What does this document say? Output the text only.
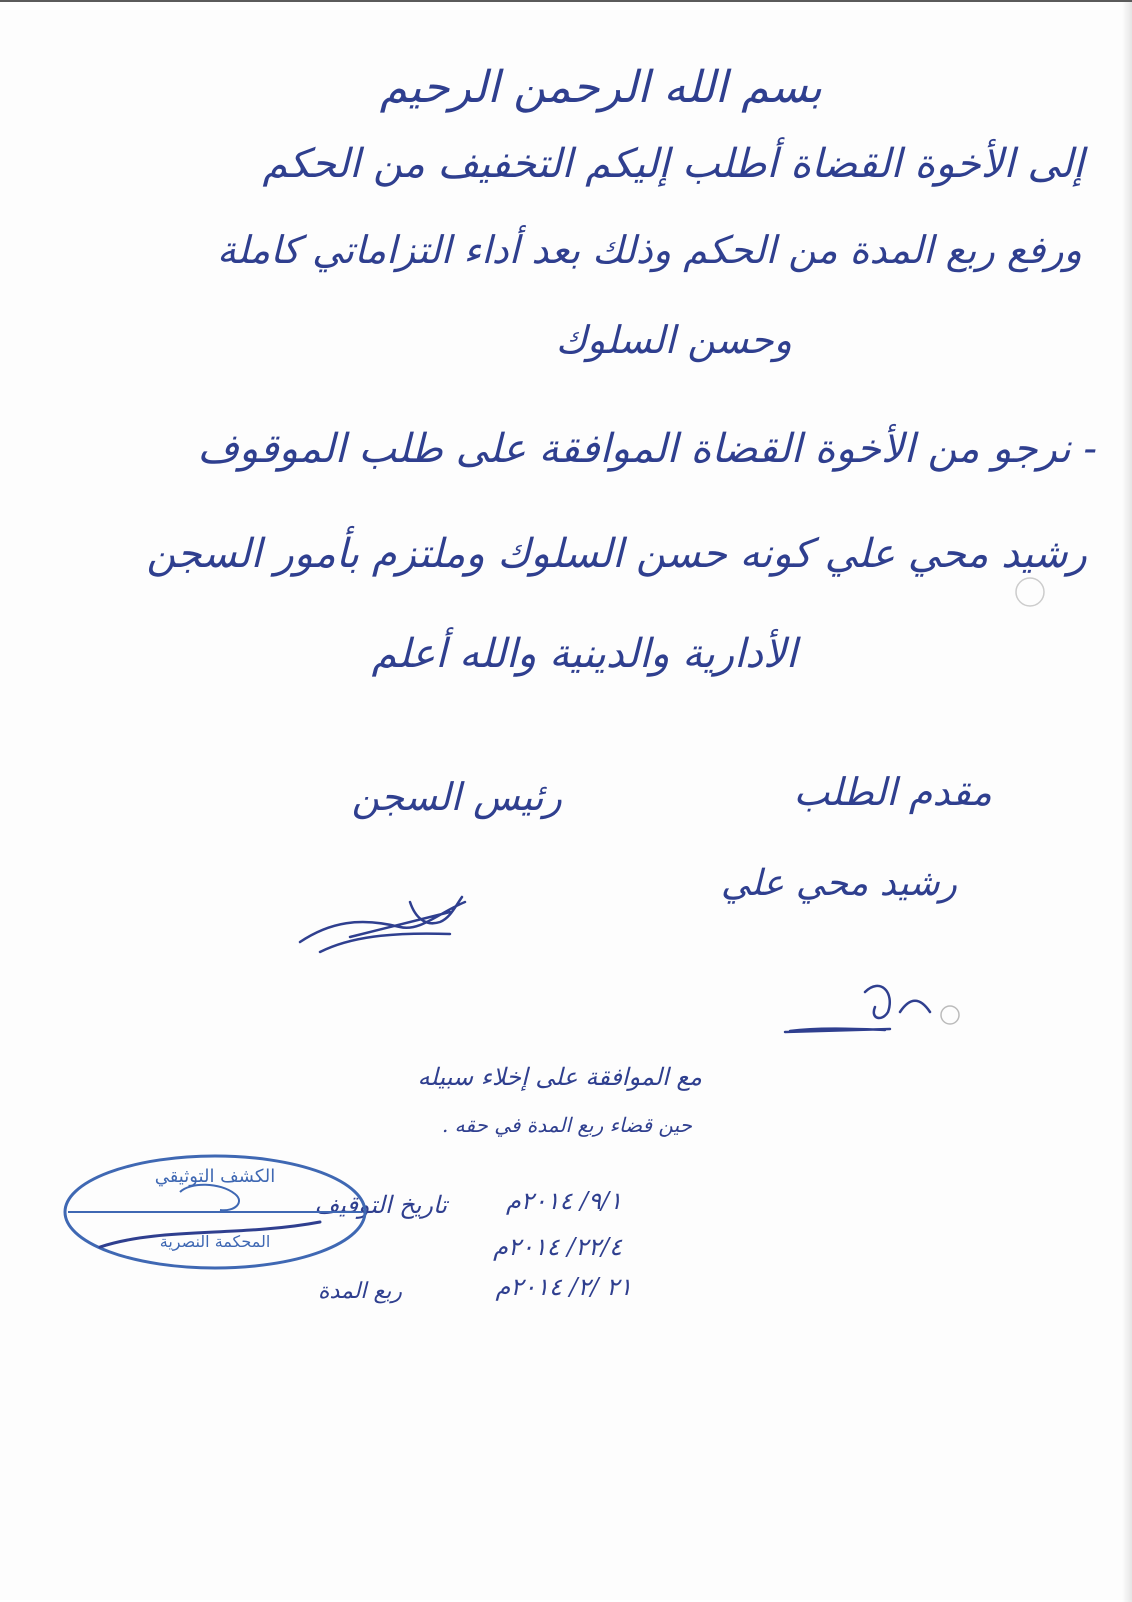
بسم الله الرحمن الرحيم

إلى الأخوة القضاة أطلب إليكم التخفيف من الحكم

ورفع ربع المدة من الحكم وذلك بعد أداء التزاماتي كاملة

وحسن السلوك

- نرجو من الأخوة القضاة الموافقة على طلب الموقوف

رشيد محي علي كونه حسن السلوك وملتزم بأمور السجن

الأدارية والدينية والله أعلم

مقدم الطلب

رئيس السجن

رشيد محي علي

مع الموافقة على إخلاء سبيله

حين قضاء ربع المدة في حقه .

تاريخ التوقيف ٩/١/ ٢٠١٤م

٢٢/٤/ ٢٠١٤م

ربع المدة	٢١ /٢/ ٢٠١٤م

الكشف التوثيقي
المحكمة النصرية
